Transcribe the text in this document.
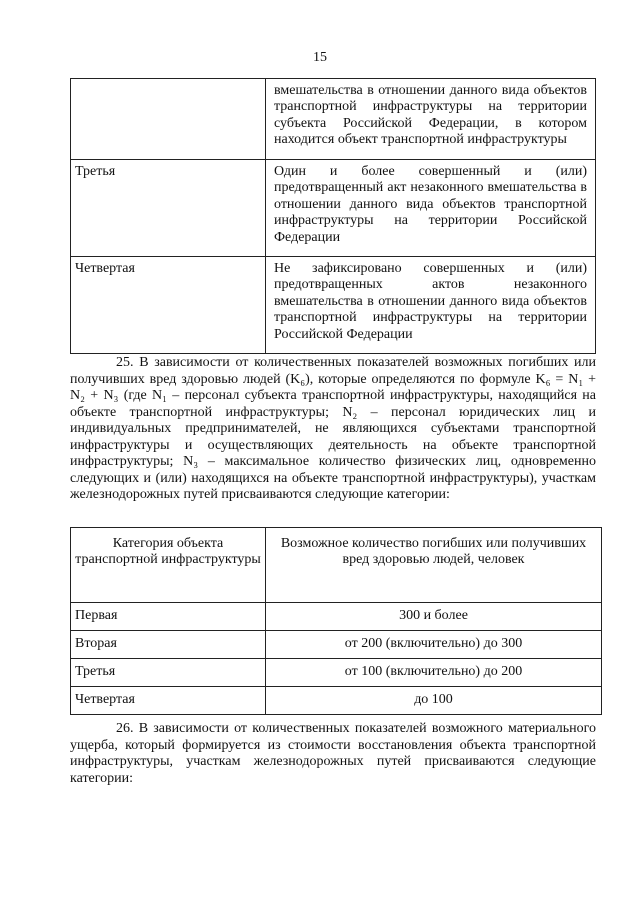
15
	вмешательства в отношении данного вида объектов транспортной инфраструктуры на территории субъекта Российской Федерации, в котором находится объект транспортной инфраструктуры
Третья	Один и более совершенный и (или) предотвращенный акт незаконного вмешательства в отношении данного вида объектов транспортной инфраструктуры на территории Российской Федерации
Четвертая	Не зафиксировано совершенных и (или) предотвращенных актов незаконного вмешательства в отношении данного вида объектов транспортной инфраструктуры на территории Российской Федерации
25. В зависимости от количественных показателей возможных погибших или получивших вред здоровью людей (K₆), которые определяются по формуле K₆ = N₁ + N₂ + N₃ (где N₁ – персонал субъекта транспортной инфраструктуры, находящийся на объекте транспортной инфраструктуры; N₂ – персонал юридических лиц и индивидуальных предпринимателей, не являющихся субъектами транспортной инфраструктуры и осуществляющих деятельность на объекте транспортной инфраструктуры; N₃ – максимальное количество физических лиц, одновременно следующих и (или) находящихся на объекте транспортной инфраструктуры), участкам железнодорожных путей присваиваются следующие категории:
Категория объекта транспортной инфраструктуры	Возможное количество погибших или получивших вред здоровью людей, человек
Первая	300 и более
Вторая	от 200 (включительно) до 300
Третья	от 100 (включительно) до 200
Четвертая	до 100
26. В зависимости от количественных показателей возможного материального ущерба, который формируется из стоимости восстановления объекта транспортной инфраструктуры, участкам железнодорожных путей присваиваются следующие категории:
